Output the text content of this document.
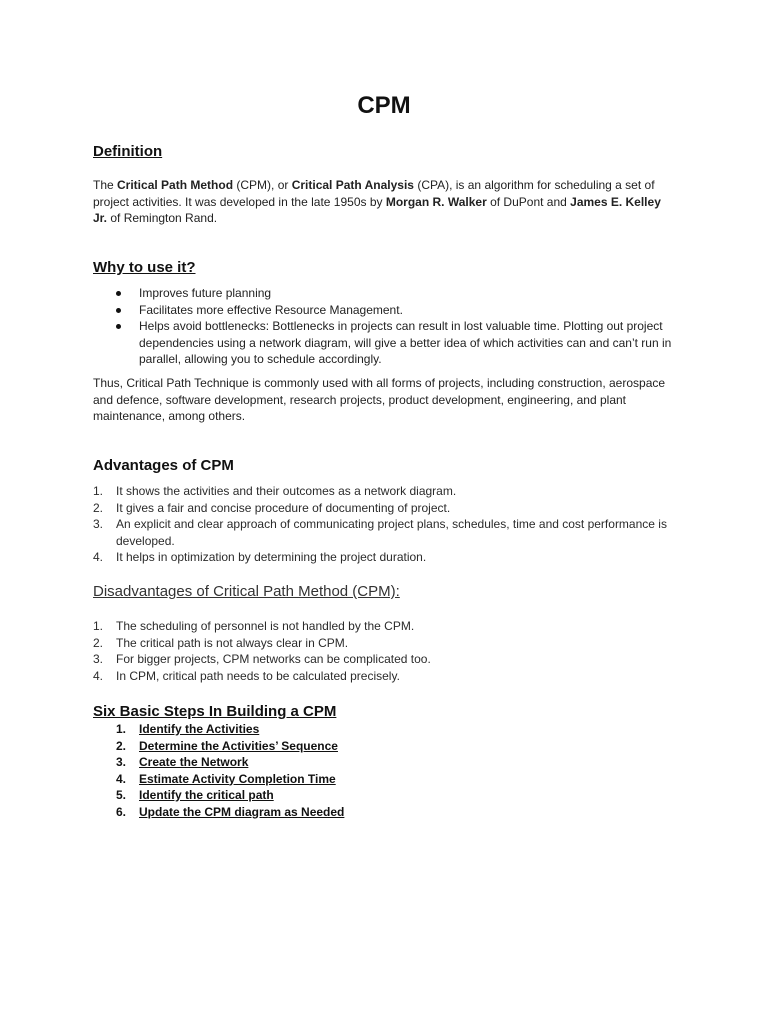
CPM
Definition
The Critical Path Method (CPM), or Critical Path Analysis (CPA), is an algorithm for scheduling a set of project activities. It was developed in the late 1950s by Morgan R. Walker of DuPont and James E. Kelley Jr. of Remington Rand.
Why to use it?
Improves future planning
Facilitates more effective Resource Management.
Helps avoid bottlenecks: Bottlenecks in projects can result in lost valuable time. Plotting out project dependencies using a network diagram, will give a better idea of which activities can and can’t run in parallel, allowing you to schedule accordingly.
Thus, Critical Path Technique is commonly used with all forms of projects, including construction, aerospace and defence, software development, research projects, product development, engineering, and plant maintenance, among others.
Advantages of CPM
1. It shows the activities and their outcomes as a network diagram.
2. It gives a fair and concise procedure of documenting of project.
3. An explicit and clear approach of communicating project plans, schedules, time and cost performance is developed.
4. It helps in optimization by determining the project duration.
Disadvantages of Critical Path Method (CPM):
1. The scheduling of personnel is not handled by the CPM.
2. The critical path is not always clear in CPM.
3. For bigger projects, CPM networks can be complicated too.
4. In CPM, critical path needs to be calculated precisely.
Six Basic Steps In Building a CPM
1. Identify the Activities
2. Determine the Activities’ Sequence
3. Create the Network
4. Estimate Activity Completion Time
5. Identify the critical path
6. Update the CPM diagram as Needed
